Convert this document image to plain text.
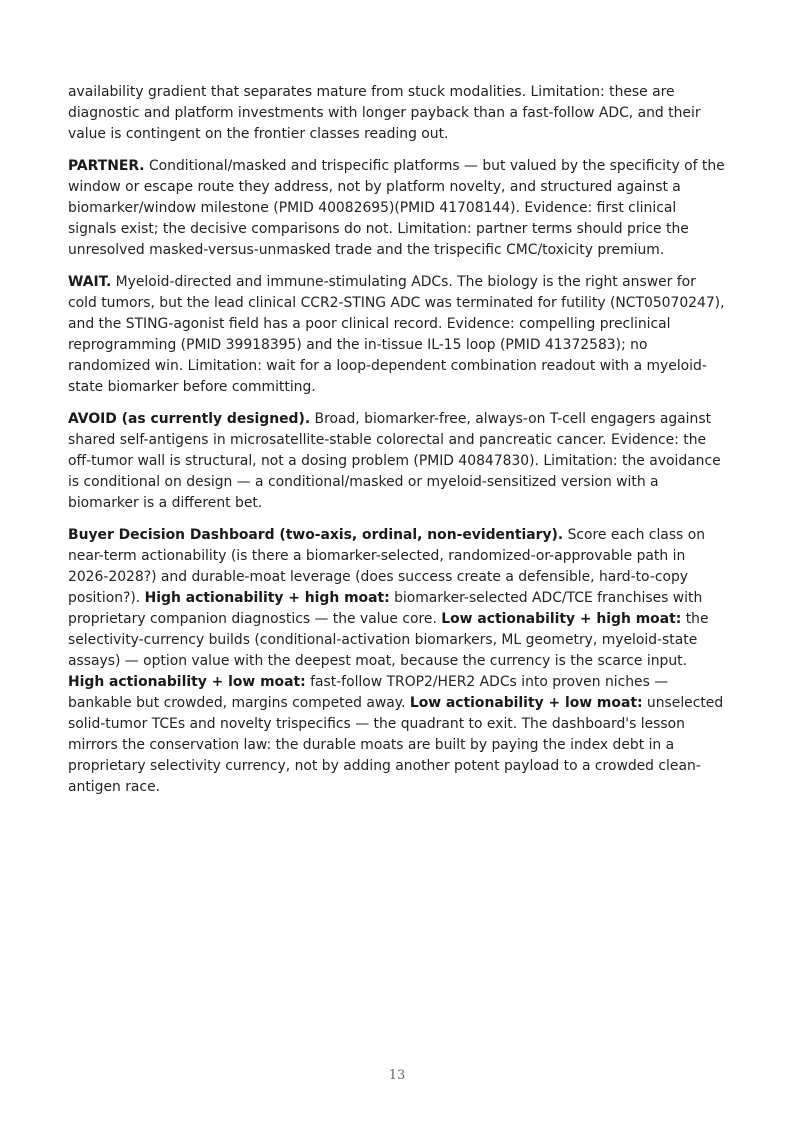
availability gradient that separates mature from stuck modalities. Limitation: these are diagnostic and platform investments with longer payback than a fast-follow ADC, and their value is contingent on the frontier classes reading out.

PARTNER. Conditional/masked and trispecific platforms — but valued by the specificity of the window or escape route they address, not by platform novelty, and structured against a biomarker/window milestone (PMID 40082695)(PMID 41708144). Evidence: first clinical signals exist; the decisive comparisons do not. Limitation: partner terms should price the unresolved masked-versus-unmasked trade and the trispecific CMC/toxicity premium.

WAIT. Myeloid-directed and immune-stimulating ADCs. The biology is the right answer for cold tumors, but the lead clinical CCR2-STING ADC was terminated for futility (NCT05070247), and the STING-agonist field has a poor clinical record. Evidence: compelling preclinical reprogramming (PMID 39918395) and the in-tissue IL-15 loop (PMID 41372583); no randomized win. Limitation: wait for a loop-dependent combination readout with a myeloid-state biomarker before committing.

AVOID (as currently designed). Broad, biomarker-free, always-on T-cell engagers against shared self-antigens in microsatellite-stable colorectal and pancreatic cancer. Evidence: the off-tumor wall is structural, not a dosing problem (PMID 40847830). Limitation: the avoidance is conditional on design — a conditional/masked or myeloid-sensitized version with a biomarker is a different bet.

Buyer Decision Dashboard (two-axis, ordinal, non-evidentiary). Score each class on near-term actionability (is there a biomarker-selected, randomized-or-approvable path in 2026-2028?) and durable-moat leverage (does success create a defensible, hard-to-copy position?). High actionability + high moat: biomarker-selected ADC/TCE franchises with proprietary companion diagnostics — the value core. Low actionability + high moat: the selectivity-currency builds (conditional-activation biomarkers, ML geometry, myeloid-state assays) — option value with the deepest moat, because the currency is the scarce input. High actionability + low moat: fast-follow TROP2/HER2 ADCs into proven niches — bankable but crowded, margins competed away. Low actionability + low moat: unselected solid-tumor TCEs and novelty trispecifics — the quadrant to exit. The dashboard's lesson mirrors the conservation law: the durable moats are built by paying the index debt in a proprietary selectivity currency, not by adding another potent payload to a crowded clean-antigen race.

13
